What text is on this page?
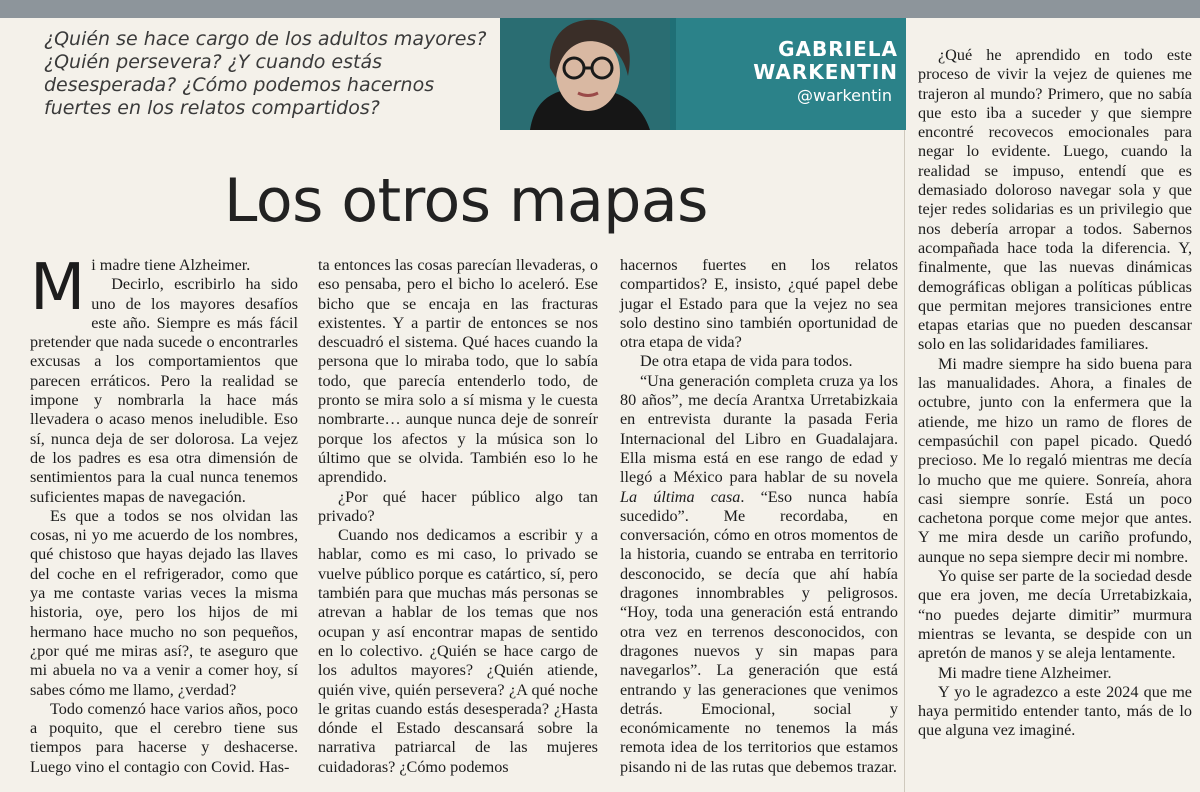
¿Quién se hace cargo de los adultos mayores? ¿Quién persevera? ¿Y cuando estás desesperada? ¿Cómo podemos hacernos fuertes en los relatos compartidos?

GABRIELA WARKENTIN
@warkentin
Los otros mapas

Mi madre tiene Alzheimer.

Decirlo, escribirlo ha sido uno de los mayores desafíos este año. Siempre es más fácil pretender que nada sucede o encontrarles excusas a los comportamientos que parecen erráticos. Pero la realidad se impone y nombrarla la hace más llevadera o acaso menos ineludible. Eso sí, nunca deja de ser dolorosa. La vejez de los padres es esa otra dimensión de sentimientos para la cual nunca tenemos suficientes mapas de navegación.

Es que a todos se nos olvidan las cosas, ni yo me acuerdo de los nombres, qué chistoso que hayas dejado las llaves del coche en el refrigerador, como que ya me contaste varias veces la misma historia, oye, pero los hijos de mi hermano hace mucho no son pequeños, ¿por qué me miras así?, te aseguro que mi abuela no va a venir a comer hoy, sí sabes cómo me llamo, ¿verdad?

Todo comenzó hace varios años, poco a poquito, que el cerebro tiene sus tiempos para hacerse y deshacerse. Luego vino el contagio con Covid. Has-

ta entonces las cosas parecían llevaderas, o eso pensaba, pero el bicho lo aceleró. Ese bicho que se encaja en las fracturas existentes. Y a partir de entonces se nos descuadró el sistema. Qué haces cuando la persona que lo miraba todo, que lo sabía todo, que parecía entenderlo todo, de pronto se mira solo a sí misma y le cuesta nombrarte… aunque nunca deje de sonreír porque los afectos y la música son lo último que se olvida. También eso lo he aprendido.

¿Por qué hacer público algo tan privado?

Cuando nos dedicamos a escribir y a hablar, como es mi caso, lo privado se vuelve público porque es catártico, sí, pero también para que muchas más personas se atrevan a hablar de los temas que nos ocupan y así encontrar mapas de sentido en lo colectivo. ¿Quién se hace cargo de los adultos mayores? ¿Quién atiende, quién vive, quién persevera? ¿A qué noche le gritas cuando estás desesperada? ¿Hasta dónde el Estado descansará sobre la narrativa patriarcal de las mujeres cuidadoras? ¿Cómo podemos

hacernos fuertes en los relatos compartidos? E, insisto, ¿qué papel debe jugar el Estado para que la vejez no sea solo destino sino también oportunidad de otra etapa de vida?

De otra etapa de vida para todos.

“Una generación completa cruza ya los 80 años”, me decía Arantxa Urretabizkaia en entrevista durante la pasada Feria Internacional del Libro en Guadalajara. Ella misma está en ese rango de edad y llegó a México para hablar de su novela La última casa. “Eso nunca había sucedido”. Me recordaba, en conversación, cómo en otros momentos de la historia, cuando se entraba en territorio desconocido, se decía que ahí había dragones innombrables y peligrosos. “Hoy, toda una generación está entrando otra vez en terrenos desconocidos, con dragones nuevos y sin mapas para navegarlos”. La generación que está entrando y las generaciones que venimos detrás. Emocional, social y económicamente no tenemos la más remota idea de los territorios que estamos pisando ni de las rutas que debemos trazar.

¿Qué he aprendido en todo este proceso de vivir la vejez de quienes me trajeron al mundo? Primero, que no sabía que esto iba a suceder y que siempre encontré recovecos emocionales para negar lo evidente. Luego, cuando la realidad se impuso, entendí que es demasiado doloroso navegar sola y que tejer redes solidarias es un privilegio que nos debería arropar a todos. Sabernos acompañada hace toda la diferencia. Y, finalmente, que las nuevas dinámicas demográficas obligan a políticas públicas que permitan mejores transiciones entre etapas etarias que no pueden descansar solo en las solidaridades familiares.

Mi madre siempre ha sido buena para las manualidades. Ahora, a finales de octubre, junto con la enfermera que la atiende, me hizo un ramo de flores de cempasúchil con papel picado. Quedó precioso. Me lo regaló mientras me decía lo mucho que me quiere. Sonreía, ahora casi siempre sonríe. Está un poco cachetona porque come mejor que antes. Y me mira desde un cariño profundo, aunque no sepa siempre decir mi nombre.

Yo quise ser parte de la sociedad desde que era joven, me decía Urretabizkaia, “no puedes dejarte dimitir” murmura mientras se levanta, se despide con un apretón de manos y se aleja lentamente.

Mi madre tiene Alzheimer.

Y yo le agradezco a este 2024 que me haya permitido entender tanto, más de lo que alguna vez imaginé.
